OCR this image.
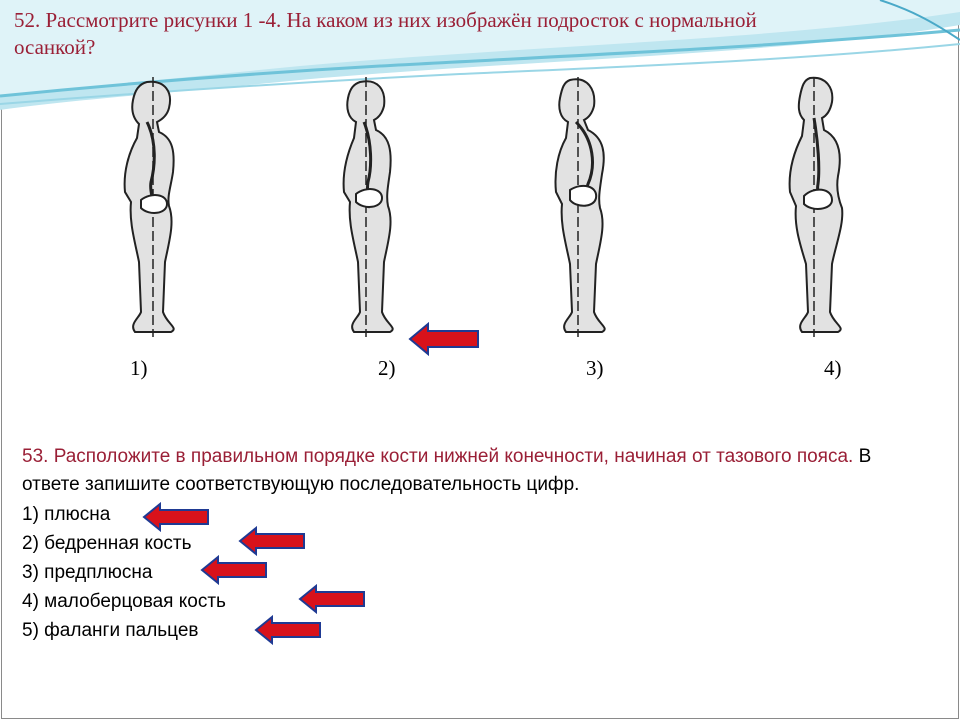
52. Рассмотрите рисунки 1 -4. На каком из них изображён подросток с нормальной осанкой?
1)	2)	3)	4)
53. Расположите в правильном порядке кости нижней конечности, начиная от тазового пояса. В ответе запишите соответствующую последовательность цифр.
1) плюсна
2) бедренная кость
3) предплюсна
4) малоберцовая кость
5) фаланги пальцев
